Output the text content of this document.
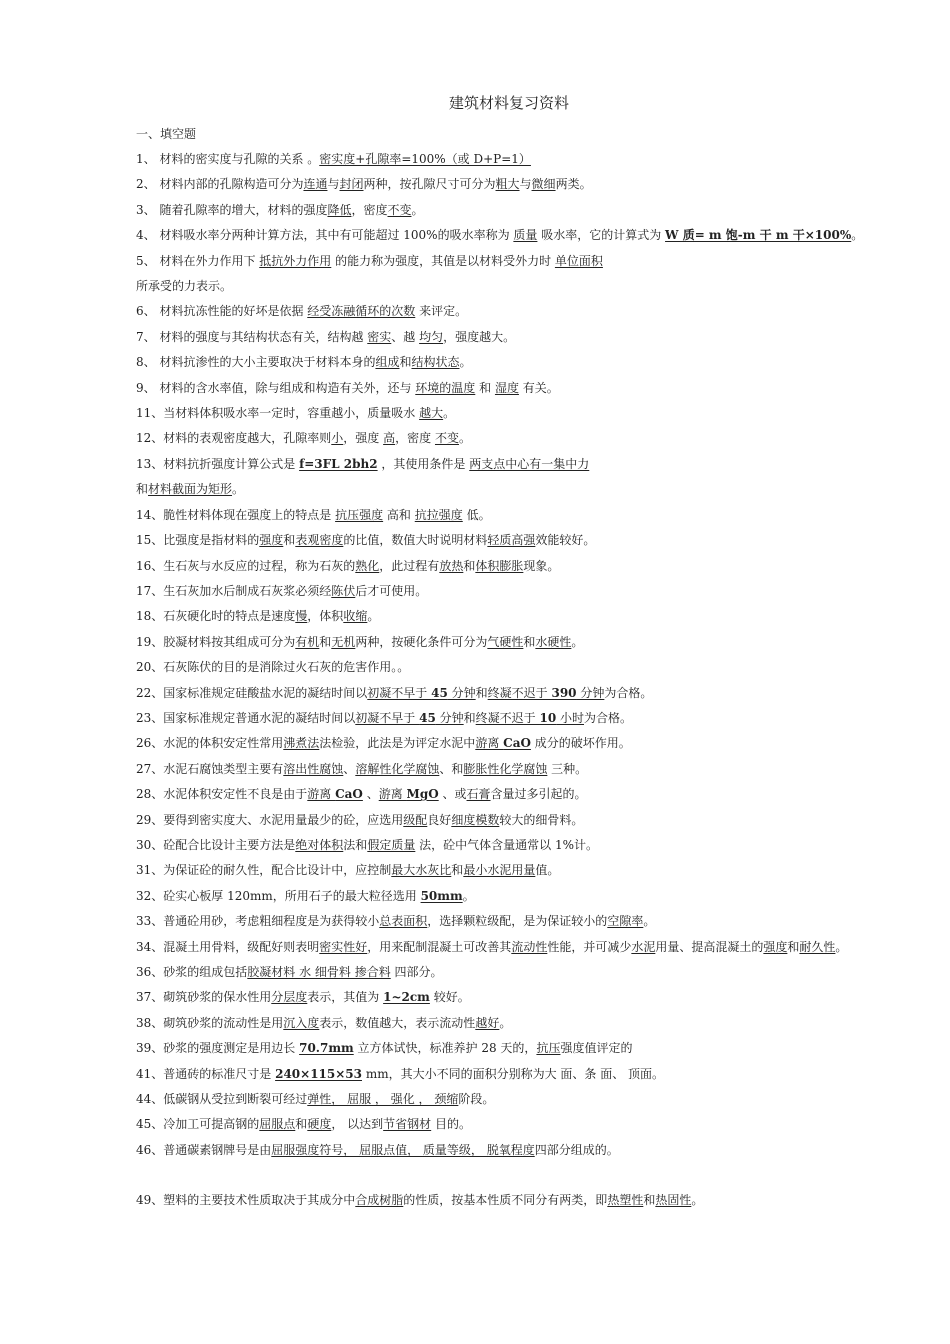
建筑材料复习资料
一、填空题
1、 材料的密实度与孔隙的关系 。密实度+孔隙率=100%（或 D+P=1）
2、 材料内部的孔隙构造可分为连通与封闭两种，按孔隙尺寸可分为粗大与微细两类。
3、 随着孔隙率的增大，材料的强度降低，密度不变。
4、 材料吸水率分两种计算方法，其中有可能超过 100%的吸水率称为 质量 吸水率，它的计算式为 W 质= m 饱-m 干 m 干×100%。
5、 材料在外力作用下 抵抗外力作用 的能力称为强度，其值是以材料受外力时 单位面积
所承受的力表示。
6、 材料抗冻性能的好坏是依据 经受冻融循环的次数 来评定。
7、 材料的强度与其结构状态有关，结构越 密实、越 均匀，强度越大。
8、 材料抗渗性的大小主要取决于材料本身的组成和结构状态。
9、 材料的含水率值，除与组成和构造有关外，还与 环境的温度 和 湿度 有关。
11、当材料体积吸水率一定时，容重越小，质量吸水 越大。
12、材料的表观密度越大，孔隙率则小，强度 高，密度 不变。
13、材料抗折强度计算公式是 f=3FL 2bh2 ，其使用条件是 两支点中心有一集中力
和材料截面为矩形。
14、脆性材料体现在强度上的特点是 抗压强度 高和 抗拉强度 低。
15、比强度是指材料的强度和表观密度的比值，数值大时说明材料轻质高强效能较好。
16、生石灰与水反应的过程，称为石灰的熟化，此过程有放热和体积膨胀现象。
17、生石灰加水后制成石灰浆必须经陈伏后才可使用。
18、石灰硬化时的特点是速度慢，体积收缩。
19、胶凝材料按其组成可分为有机和无机两种，按硬化条件可分为气硬性和水硬性。
20、石灰陈伏的目的是消除过火石灰的危害作用。。
22、国家标准规定硅酸盐水泥的凝结时间以初凝不早于 45 分钟和终凝不迟于 390 分钟为合格。
23、国家标准规定普通水泥的凝结时间以初凝不早于 45 分钟和终凝不迟于 10 小时为合格。
26、水泥的体积安定性常用沸煮法法检验，此法是为评定水泥中游离 CaO 成分的破坏作用。
27、水泥石腐蚀类型主要有溶出性腐蚀、溶解性化学腐蚀、和膨胀性化学腐蚀 三种。
28、水泥体积安定性不良是由于游离 CaO 、游离 MgO 、或石膏含量过多引起的。
29、要得到密实度大、水泥用量最少的砼，应选用级配良好细度模数较大的细骨料。
30、砼配合比设计主要方法是绝对体积法和假定质量 法，砼中气体含量通常以 1%计。
31、为保证砼的耐久性，配合比设计中，应控制最大水灰比和最小水泥用量值。
32、砼实心板厚 120mm，所用石子的最大粒径选用 50mm。
33、普通砼用砂，考虑粗细程度是为获得较小总表面积，选择颗粒级配，是为保证较小的空隙率。
34、混凝土用骨料，级配好则表明密实性好，用来配制混凝土可改善其流动性性能，并可减少水泥用量、提高混凝土的强度和耐久性。
36、砂浆的组成包括胶凝材料 水 细骨料 掺合料 四部分。
37、砌筑砂浆的保水性用分层度表示，其值为 1~2cm 较好。
38、砌筑砂浆的流动性是用沉入度表示，数值越大，表示流动性越好。
39、砂浆的强度测定是用边长 70.7mm 立方体试快，标准养护 28 天的，抗压强度值评定的
41、普通砖的标准尺寸是 240×115×53 mm，其大小不同的面积分别称为大 面、条 面、 顶面。
44、低碳钢从受拉到断裂可经过弹性， 屈服 ， 强化 ， 颈缩阶段。
45、冷加工可提高钢的屈服点和硬度， 以达到节省钢材 目的。
46、普通碳素钢牌号是由屈服强度符号， 屈服点值， 质量等级， 脱氧程度四部分组成的。
49、塑料的主要技术性质取决于其成分中合成树脂的性质，按基本性质不同分有两类，即热塑性和热固性。
